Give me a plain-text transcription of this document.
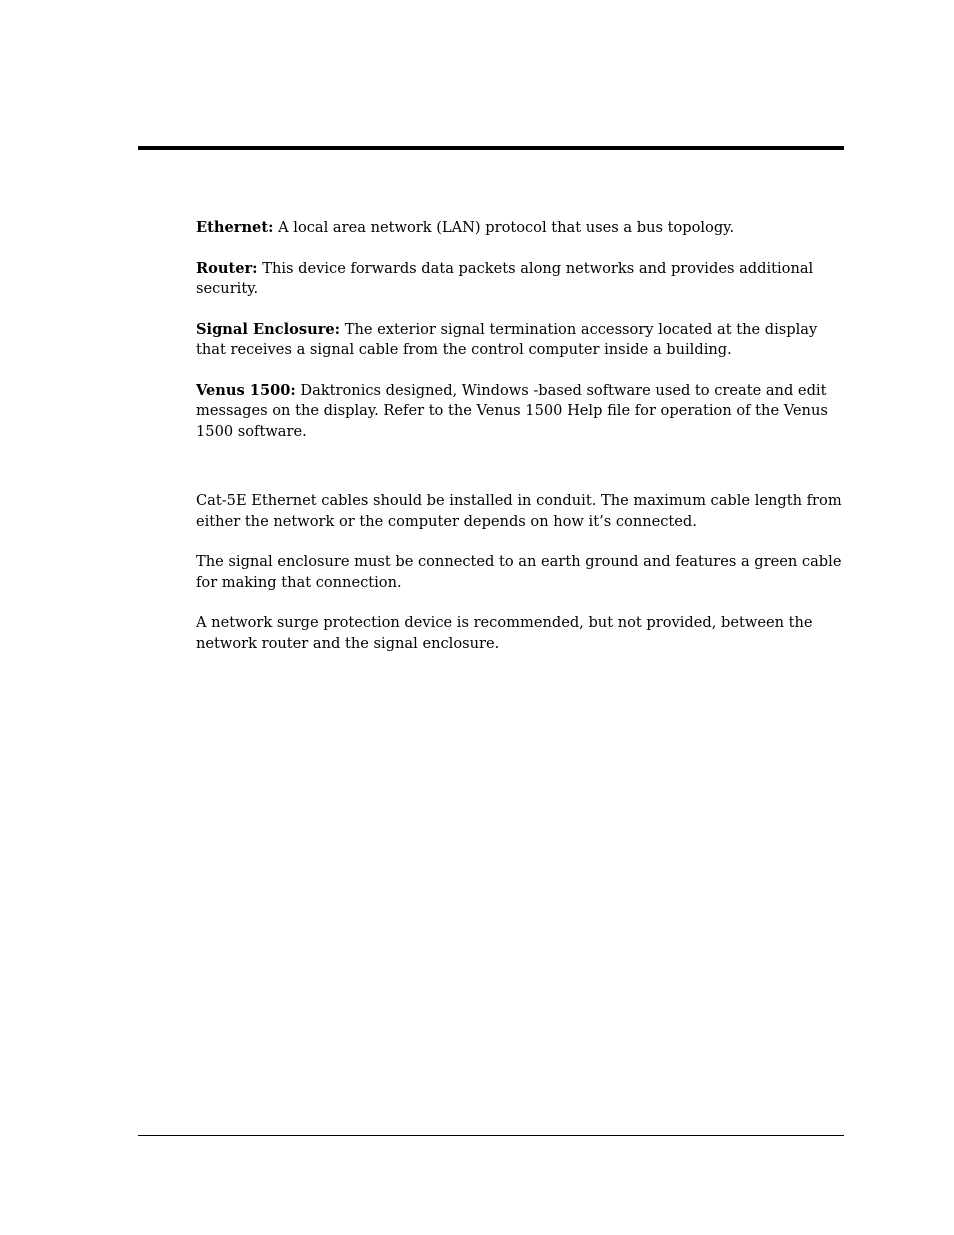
Ethernet: A local area network (LAN) protocol that uses a bus topology.

Router: This device forwards data packets along networks and provides additional security.

Signal Enclosure: The exterior signal termination accessory located at the display that receives a signal cable from the control computer inside a building.

Venus 1500: Daktronics designed, Windows -based software used to create and edit messages on the display. Refer to the Venus 1500 Help file for operation of the Venus 1500 software.

Cat-5E Ethernet cables should be installed in conduit. The maximum cable length from either the network or the computer depends on how it’s connected.

The signal enclosure must be connected to an earth ground and features a green cable for making that connection.

A network surge protection device is recommended, but not provided, between the network router and the signal enclosure.
